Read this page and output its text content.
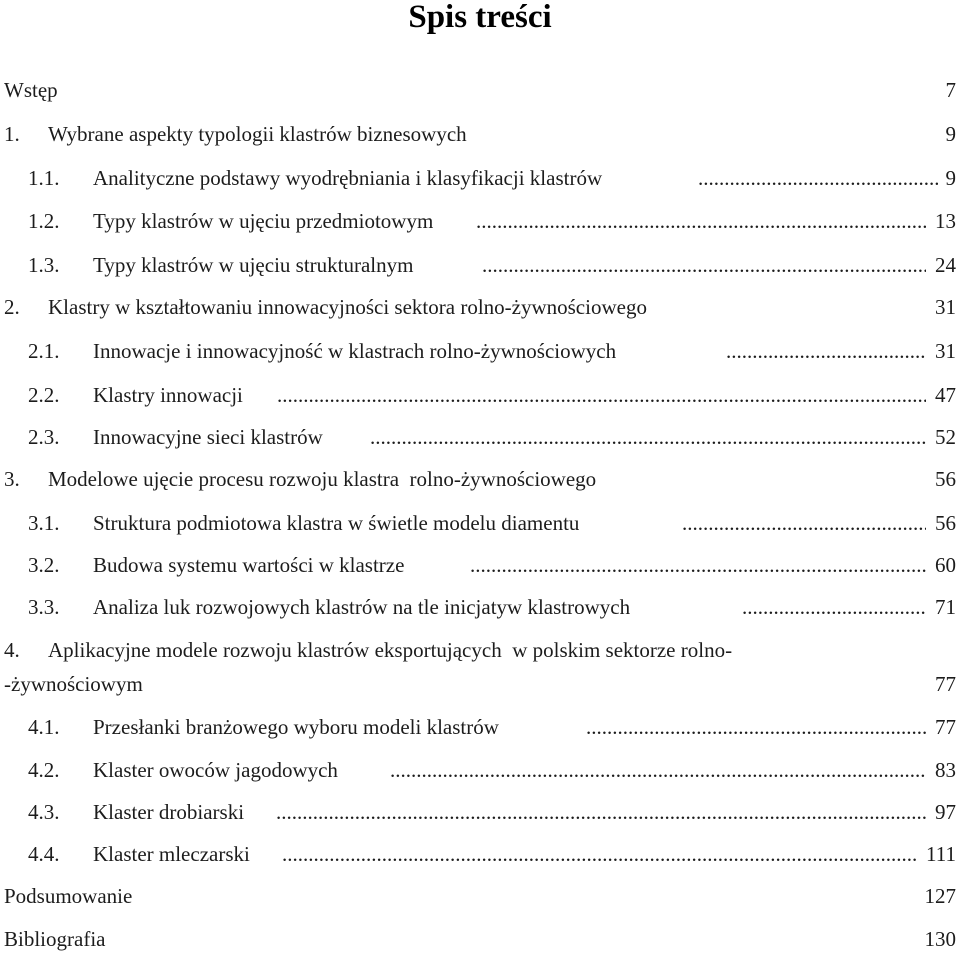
Spis treści
Wstęp	7
1. Wybrane aspekty typologii klastrów biznesowych	9
1.1. Analityczne podstawy wyodrębniania i klasyfikacji klastrów .....	9
1.2. Typy klastrów w ujęciu przedmiotowym .....	13
1.3. Typy klastrów w ujęciu strukturalnym .....	24
2. Klastry w kształtowaniu innowacyjności sektora rolno-żywnościowego	31
2.1. Innowacje i innowacyjność w klastrach rolno-żywnościowych .....	31
2.2. Klastry innowacji .....	47
2.3. Innowacyjne sieci klastrów .....	52
3. Modelowe ujęcie procesu rozwoju klastra  rolno-żywnościowego	56
3.1. Struktura podmiotowa klastra w świetle modelu diamentu .....	56
3.2. Budowa systemu wartości w klastrze .....	60
3.3. Analiza luk rozwojowych klastrów na tle inicjatyw klastrowych .....	71
4. Aplikacyjne modele rozwoju klastrów eksportujących  w polskim sektorze rolno-
-żywnościowym	77
4.1. Przesłanki branżowego wyboru modeli klastrów .....	77
4.2. Klaster owoców jagodowych .....	83
4.3. Klaster drobiarski .....	97
4.4. Klaster mleczarski .....	111
Podsumowanie	127
Bibliografia	130
